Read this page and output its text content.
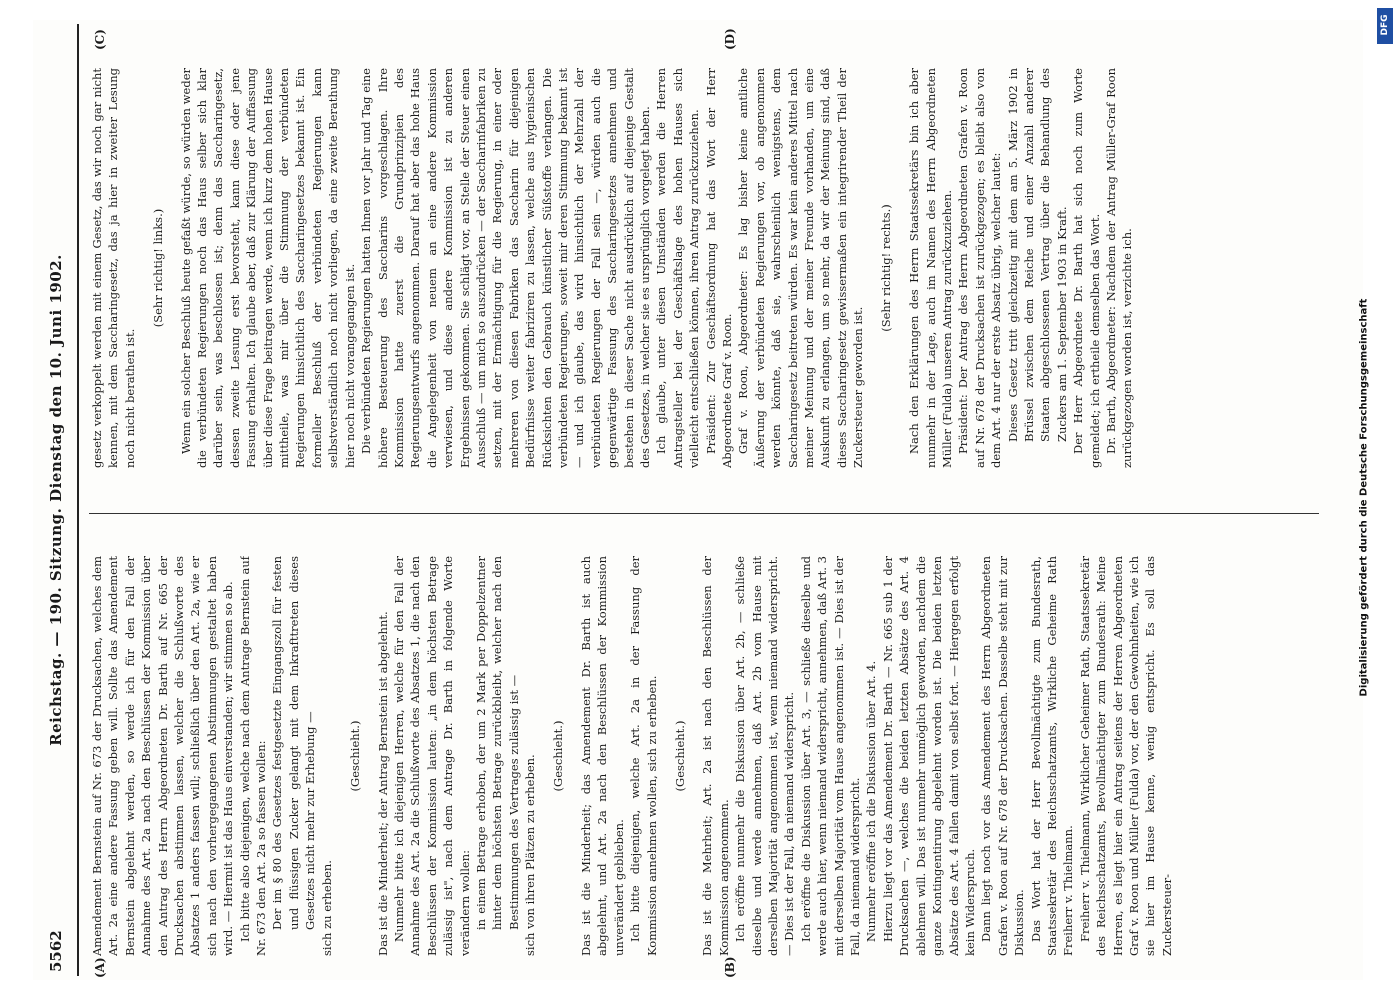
5562
Reichstag. — 190. Sitzung. Dienstag den 10. Juni 1902.
(A)	(B)
(C)	(D)

Amendement Bernstein auf Nr. 673 der Drucksachen, welches dem Art. 2a eine andere Fassung geben will. Sollte das Amendement Bernstein abgelehnt werden, so werde ich für den Fall der Annahme des Art. 2a nach den Beschlüssen der Kommission über den Antrag des Herrn Abgeordneten Dr. Barth auf Nr. 665 der Drucksachen abstimmen lassen, welcher die Schlußworte des Absatzes 1 anders fassen will; schließlich über den Art. 2a, wie er sich nach den vorhergegangenen Abstimmungen gestaltet haben wird. — Hiermit ist das Haus einverstanden; wir stimmen so ab. Ich bitte also diejenigen, welche nach dem Antrage Bernstein auf Nr. 673 den Art. 2a so fassen wollen: Der im § 80 des Gesetzes festgesetzte Eingangszoll für festen und flüssigen Zucker gelangt mit dem Inkrafttreten dieses Gesetzes nicht mehr zur Erhebung — sich zu erheben.

(Geschieht.) Das ist die Minderheit; der Antrag Bernstein ist abgelehnt. Nunmehr bitte ich diejenigen Herren, welche für den Fall der Annahme des Art. 2a die Schlußworte des Absatzes 1, die nach den Beschlüssen der Kommission lauten: „in dem höchsten Betrage zulässig ist", nach dem Antrage Dr. Barth in folgende Worte verändern wollen: in einem Betrage erhoben, der um 2 Mark per Doppelzentner hinter dem höchsten Betrage zurückbleibt, welcher nach den Bestimmungen des Vertrages zulässig ist — sich von ihren Plätzen zu erheben. (Geschieht.) Das ist die Minderheit; das Amendement Dr. Barth ist auch abgelehnt, und Art. 2a nach den Beschlüssen der Kommission unverändert geblieben. Ich bitte diejenigen, welche Art. 2a in der Fassung der Kommission annehmen wollen, sich zu erheben. (Geschieht.) Das ist die Mehrheit; Art. 2a ist nach den Beschlüssen der Kommission angenommen. Ich eröffne nunmehr die Diskussion über Art. 2b, — schließe dieselbe und werde annehmen, daß Art. 2b vom Hause mit derselben Majorität angenommen ist, wenn niemand widerspricht. — Dies ist der Fall, da niemand widerspricht. Ich eröffne die Diskussion über Art. 3, — schließe dieselbe und werde auch hier, wenn niemand widerspricht, annehmen, daß Art. 3 mit derselben Majorität vom Hause angenommen ist. — Dies ist der Fall, da niemand widerspricht. Nunmehr eröffne ich die Diskussion über Art. 4. Hierzu liegt vor das Amendement Dr. Barth — Nr. 665 sub 1 der Drucksachen —, welches die beiden letzten Absätze des Art. 4 ablehnen will. Das ist nunmehr unmöglich geworden, nachdem die ganze Kontingentirung abgelehnt worden ist. Die beiden letzten Absätze des Art. 4 fallen damit von selbst fort. — Hiergegen erfolgt kein Widerspruch. Dann liegt noch vor das Amendement des Herrn Abgeordneten Grafen v. Roon auf Nr. 678 der Drucksachen. Dasselbe steht mit zur Diskussion. Das Wort hat der Herr Bevollmächtigte zum Bundesrath, Staatssekretär des Reichsschatzamts, Wirkliche Geheime Rath Freiherr v. Thielmann. Freiherr v. Thielmann, Wirklicher Geheimer Rath, Staatssekretär des Reichsschatzamts, Bevollmächtigter zum Bundesrath: Meine Herren, es liegt hier ein Antrag seitens der Herren Abgeordneten Graf v. Roon und Müller (Fulda) vor, der den Gewohnheiten, wie ich sie hier im Hause kenne, wenig entspricht. Es soll das Zuckersteuer-

gesetz verkoppelt werden mit einem Gesetz, das wir noch gar nicht kennen, mit dem Saccharingesetz, das ja hier in zweiter Lesung noch nicht berathen ist.

(Sehr richtig! links.) Wenn ein solcher Beschluß heute gefaßt würde, so würden weder die verbündeten Regierungen noch das Haus selber sich klar darüber sein, was beschlossen ist; denn das Saccharingesetz, dessen zweite Lesung erst bevorsteht, kann diese oder jene Fassung erhalten. Ich glaube aber, daß zur Klärung der Auffassung über diese Frage beitragen werde, wenn ich kurz dem hohen Hause mittheile, was mir über die Stimmung der verbündeten Regierungen hinsichtlich des Saccharingesetzes bekannt ist. Ein formeller Beschluß der verbündeten Regierungen kann selbstverständlich noch nicht vorliegen, da eine zweite Berathung hier noch nicht vorangegangen ist. Die verbündeten Regierungen hatten Ihnen vor Jahr und Tag eine höhere Besteuerung des Saccharins vorgeschlagen. Ihre Kommission hatte zuerst die Grundprinzipien des Regierungsentwurfs angenommen. Darauf hat aber das hohe Haus die Angelegenheit von neuem an eine andere Kommission verwiesen, und diese andere Kommission ist zu anderen Ergebnissen gekommen. Sie schlägt vor, an Stelle der Steuer einen Ausschluß — um mich so auszudrücken — der Saccharinfabriken zu setzen, mit der Ermächtigung für die Regierung, in einer oder mehreren von diesen Fabriken das Saccharin für diejenigen Bedürfnisse weiter fabriziren zu lassen, welche aus hygienischen Rücksichten den Gebrauch künstlicher Süßstoffe verlangen. Die verbündeten Regierungen, soweit mir deren Stimmung bekannt ist — und ich glaube, das wird hinsichtlich der Mehrzahl der verbündeten Regierungen der Fall sein —, würden auch die gegenwärtige Fassung des Saccharingesetzes annehmen und bestehen in dieser Sache nicht ausdrücklich auf diejenige Gestalt des Gesetzes, in welcher sie es ursprünglich vorgelegt haben. Ich glaube, unter diesen Umständen werden die Herren Antragsteller bei der Geschäftslage des hohen Hauses sich vielleicht entschließen können, ihren Antrag zurückzuziehen. Präsident: Zur Geschäftsordnung hat das Wort der Herr Abgeordnete Graf v. Roon. Graf v. Roon, Abgeordneter: Es lag bisher keine amtliche Äußerung der verbündeten Regierungen vor, ob angenommen werden könnte, daß sie, wahrscheinlich wenigstens, dem Saccharingesetz beitreten würden. Es war kein anderes Mittel nach meiner Meinung und der meiner Freunde vorhanden, um eine Auskunft zu erlangen, um so mehr, da wir der Meinung sind, daß dieses Saccharingesetz gewissermaßen ein integrirender Theil der Zuckersteuer geworden ist.

(Sehr richtig! rechts.) Nach den Erklärungen des Herrn Staatssekretärs bin ich aber nunmehr in der Lage, auch im Namen des Herrn Abgeordneten Müller (Fulda) unseren Antrag zurückzuziehen. Präsident: Der Antrag des Herrn Abgeordneten Grafen v. Roon auf Nr. 678 der Drucksachen ist zurückgezogen; es bleibt also von dem Art. 4 nur der erste Absatz übrig, welcher lautet: Dieses Gesetz tritt gleichzeitig mit dem am 5. März 1902 in Brüssel zwischen dem Reiche und einer Anzahl anderer Staaten abgeschlossenen Vertrag über die Behandlung des Zuckers am 1. September 1903 in Kraft. Der Herr Abgeordnete Dr. Barth hat sich noch zum Worte gemeldet; ich ertheile demselben das Wort. Dr. Barth, Abgeordneter: Nachdem der Antrag Müller-Graf Roon zurückgezogen worden ist, verzichte ich.	Digitalisierung gefördert durch die Deutsche Forschungsgemeinschaft
DFG
